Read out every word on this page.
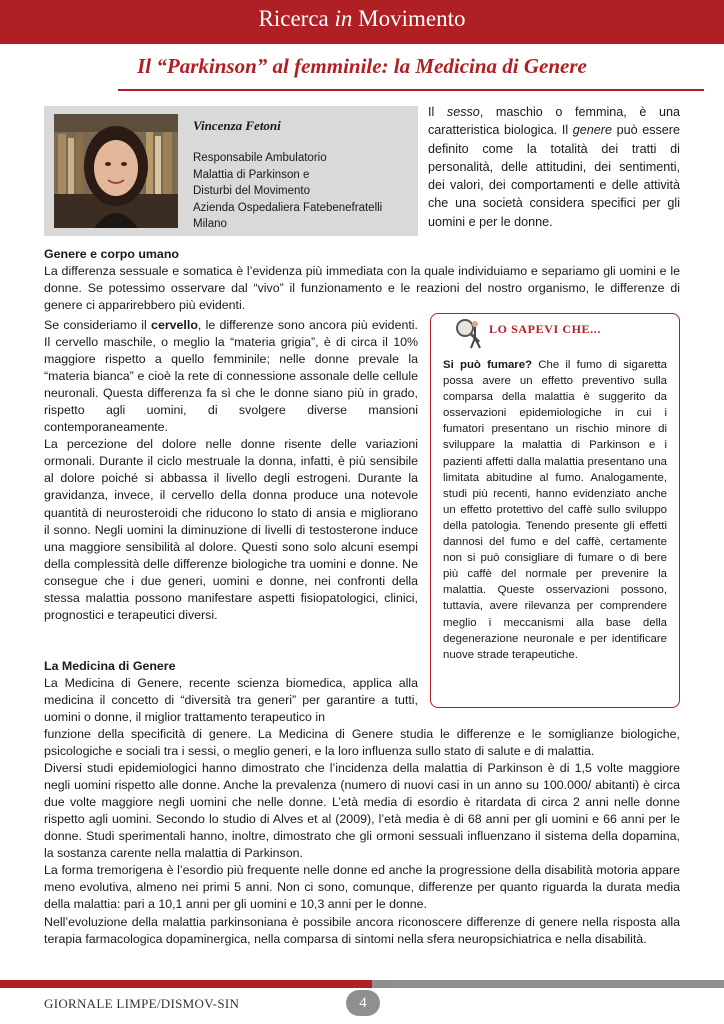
Ricerca in Movimento
Il “Parkinson” al femminile: la Medicina di Genere
Vincenza Fetoni
Responsabile Ambulatorio
Malattia di Parkinson e
Disturbi del Movimento
Azienda Ospedaliera Fatebenefratelli
Milano
Il sesso, maschio o femmina, è una caratteristica biologica. Il genere può essere definito come la totalità dei tratti di personalità, delle attitudini, dei sentimenti, dei valori, dei comportamenti e delle attività che una società considera specifici per gli uomini e per le donne.

Genere e corpo umano

La differenza sessuale e somatica è l’evidenza più immediata con la quale individuiamo e separiamo gli uomini e le donne. Se potessimo osservare dal “vivo” il funzionamento e le reazioni del nostro organismo, le differenze di genere ci apparirebbero più evidenti.

Se consideriamo il cervello, le differenze sono ancora più evidenti. Il cervello maschile, o meglio la “materia grigia”, è di circa il 10% maggiore rispetto a quello femminile; nelle donne prevale la “materia bianca” e cioè la rete di connessione assonale delle cellule neuronali. Questa differenza fa sì che le donne siano più in grado, rispetto agli uomini, di svolgere diverse mansioni contemporaneamente.

La percezione del dolore nelle donne risente delle variazioni ormonali. Durante il ciclo mestruale la donna, infatti, è più sensibile al dolore poiché si abbassa il livello degli estrogeni. Durante la gravidanza, invece, il cervello della donna produce una notevole quantità di neurosteroidi che riducono lo stato di ansia e migliorano il sonno. Negli uomini la diminuzione di livelli di testosterone induce una maggiore sensibilità al dolore. Questi sono solo alcuni esempi della complessità delle differenze biologiche tra uomini e donne. Ne consegue che i due generi, uomini e donne, nei confronti della stessa malattia possono manifestare aspetti fisiopatologici, clinici, prognostici e terapeutici diversi.

La Medicina di Genere

La Medicina di Genere, recente scienza biomedica, applica alla medicina il concetto di “diversità tra generi” per garantire a tutti, uomini o donne, il miglior trattamento terapeutico in

funzione della specificità di genere. La Medicina di Genere studia le differenze e le somiglianze biologiche, psicologiche e sociali tra i sessi, o meglio generi, e la loro influenza sullo stato di salute e di malattia.

Diversi studi epidemiologici hanno dimostrato che l’incidenza della malattia di Parkinson è di 1,5 volte maggiore negli uomini rispetto alle donne. Anche la prevalenza (numero di nuovi casi in un anno su 100.000/ abitanti) è circa due volte maggiore negli uomini che nelle donne. L’età media di esordio è ritardata di circa 2 anni nelle donne rispetto agli uomini. Secondo lo studio di Alves et al (2009), l’età media è di 68 anni per gli uomini e 66 anni per le donne. Studi sperimentali hanno, inoltre, dimostrato che gli ormoni sessuali influenzano il sistema della dopamina, la sostanza carente nella malattia di Parkinson.

La forma tremorigena è l’esordio più frequente nelle donne ed anche la progressione della disabilità motoria appare meno evolutiva, almeno nei primi 5 anni. Non ci sono, comunque, differenze per quanto riguarda la durata media della malattia: pari a 10,1 anni per gli uomini e 10,3 anni per le donne.

Nell’evoluzione della malattia parkinsoniana è possibile ancora riconoscere differenze di genere nella risposta alla terapia farmacologica dopaminergica, nella comparsa di sintomi nella sfera neuropsichiatrica e nella disabilità.

LO SAPEVI CHE...
Si può fumare? Che il fumo di sigaretta possa avere un effetto preventivo sulla comparsa della malattia è suggerito da osservazioni epidemiologiche in cui i fumatori presentano un rischio minore di sviluppare la malattia di Parkinson e i pazienti affetti dalla malattia presentano una limitata abitudine al fumo. Analogamente, studi più recenti, hanno evidenziato anche un effetto protettivo del caffè sullo sviluppo della patologia. Tenendo presente gli effetti dannosi del fumo e del caffè, certamente non si può consigliare di fumare o di bere più caffè del normale per prevenire la malattia. Queste osservazioni possono, tuttavia, avere rilevanza per comprendere meglio i meccanismi alla base della degenerazione neuronale e per identificare nuove strade terapeutiche.
GIORNALE LIMPE/DISMOV-SIN	4
